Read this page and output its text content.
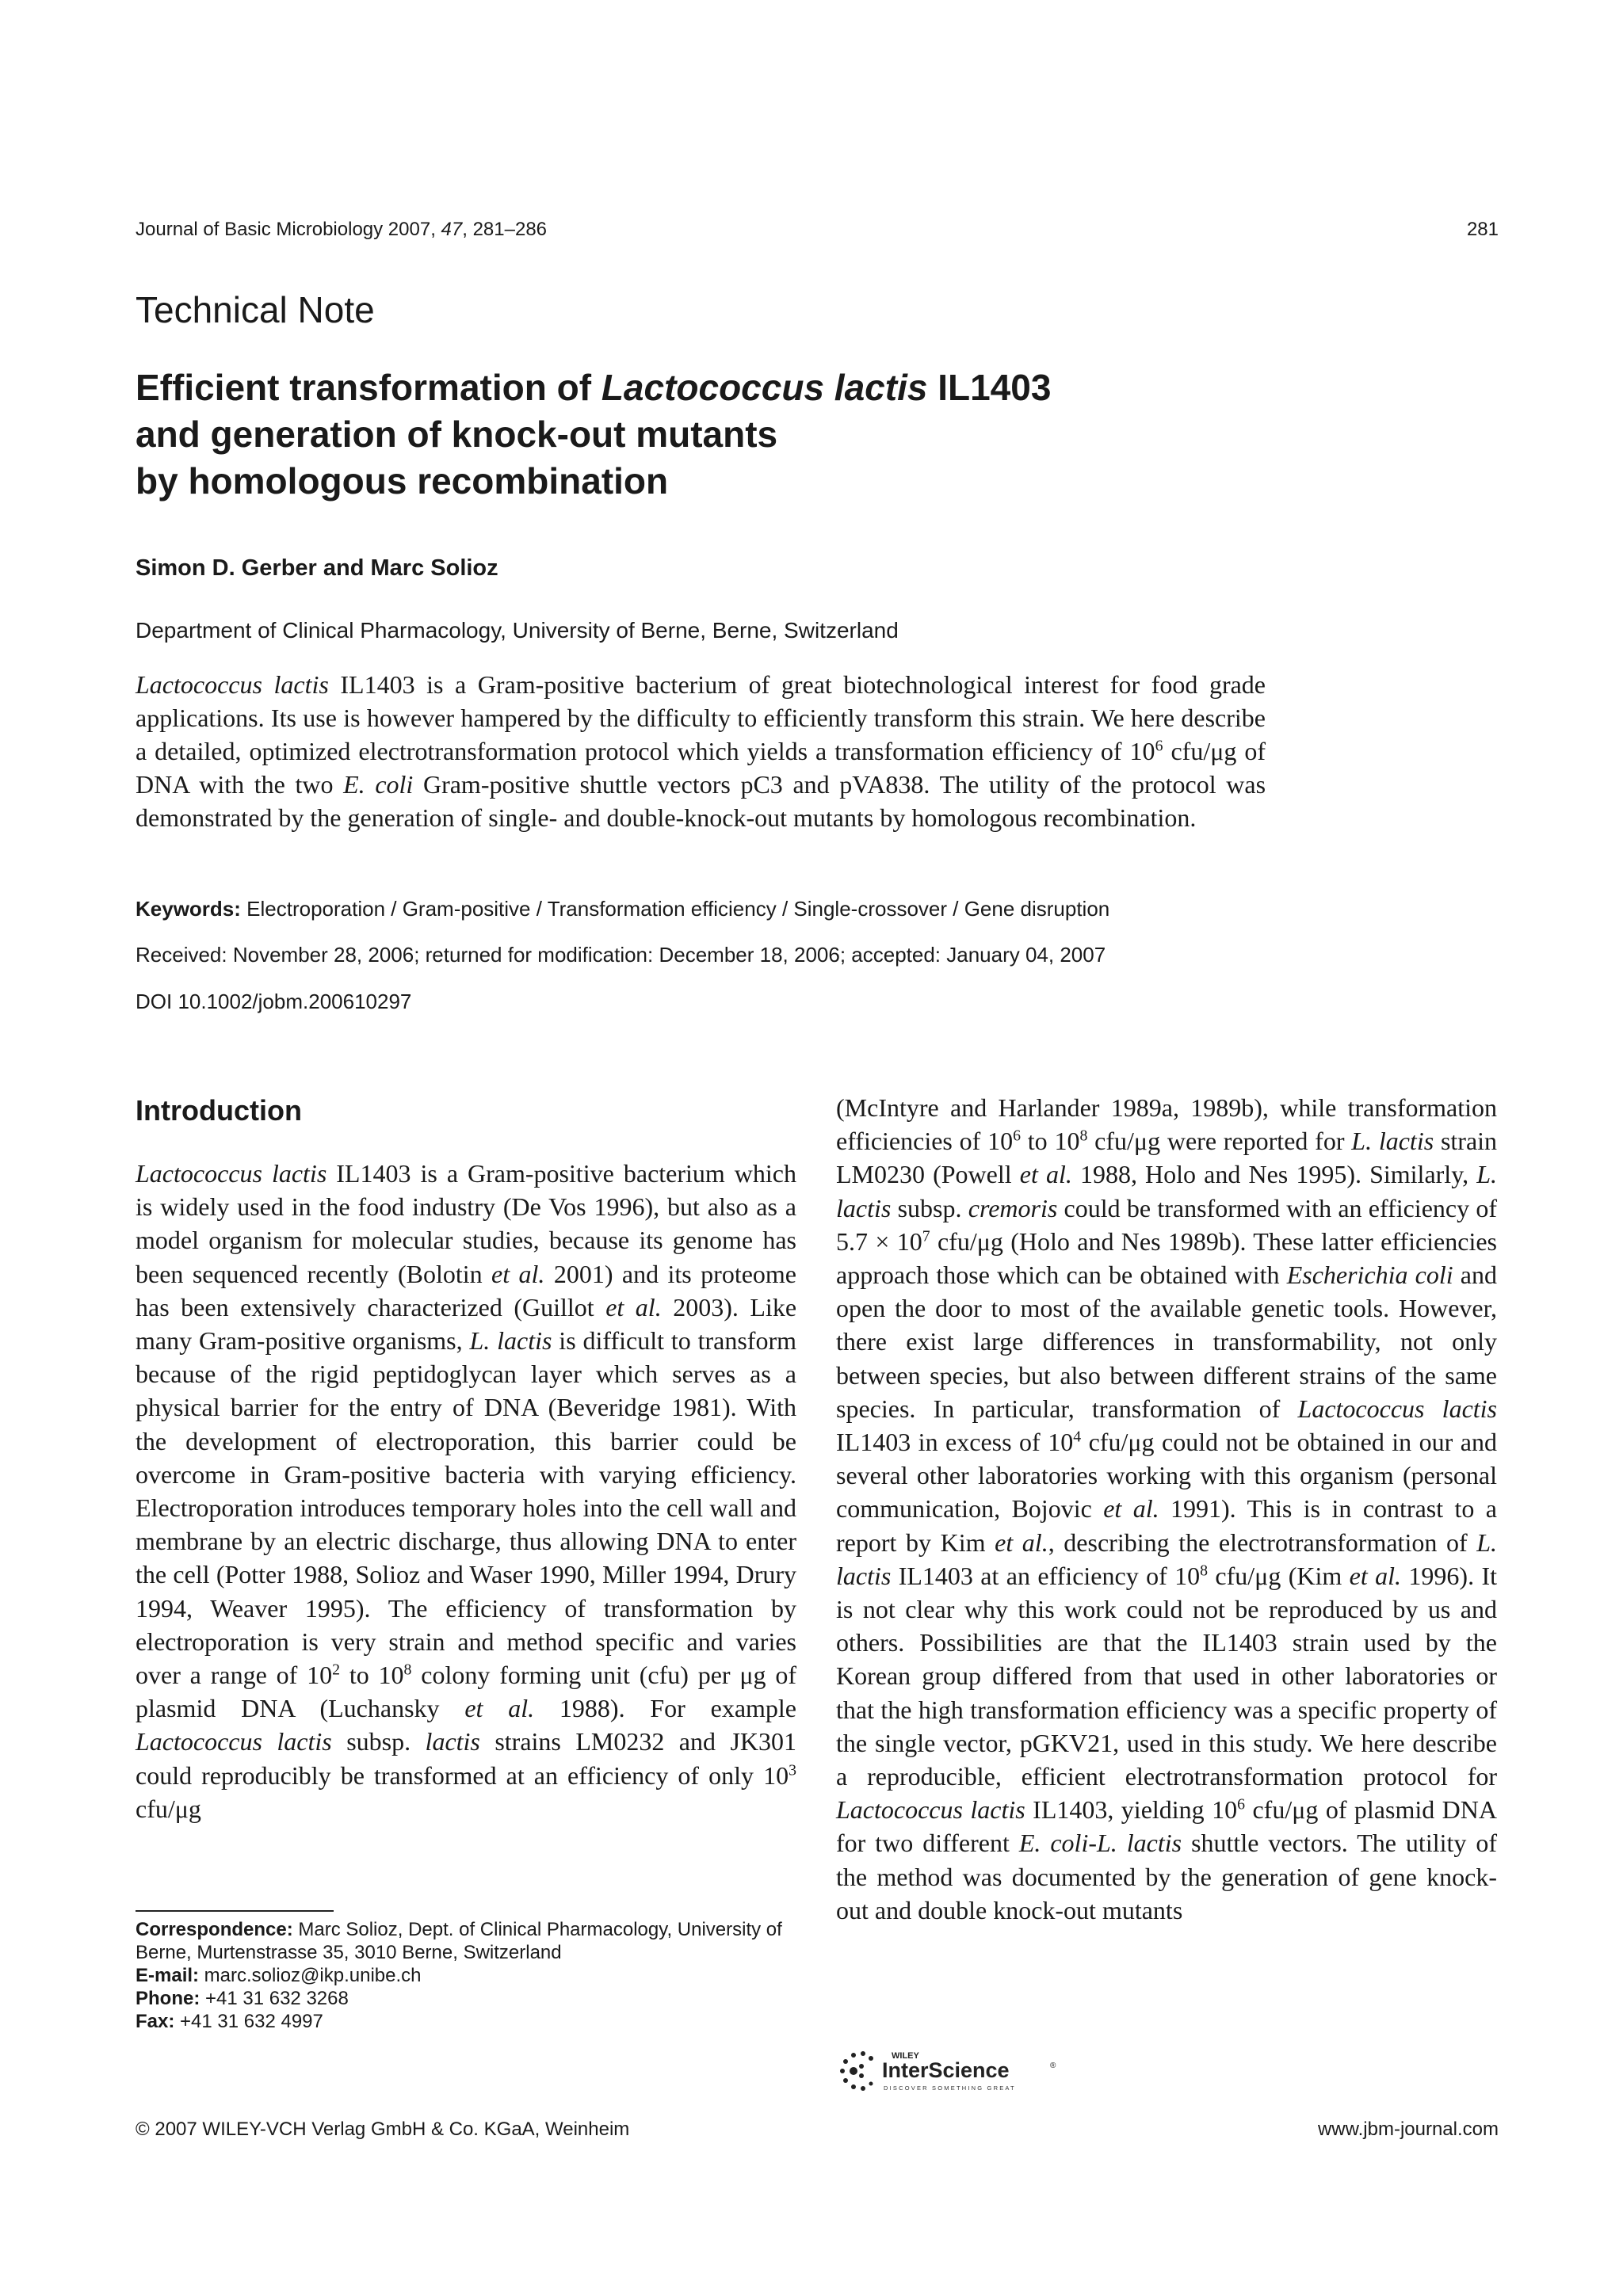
Journal of Basic Microbiology 2007, 47, 281–286	281
Technical Note
Efficient transformation of Lactococcus lactis IL1403
and generation of knock-out mutants
by homologous recombination
Simon D. Gerber and Marc Solioz
Department of Clinical Pharmacology, University of Berne, Berne, Switzerland

Lactococcus lactis IL1403 is a Gram-positive bacterium of great biotechnological interest for food grade applications. Its use is however hampered by the difficulty to efficiently transform this strain. We here describe a detailed, optimized electrotransformation protocol which yields a transformation efficiency of $10^6$ cfu/μg of DNA with the two E. coli Gram-positive shuttle vectors pC3 and pVA838. The utility of the protocol was demonstrated by the generation of single- and double-knock-out mutants by homologous recombination.

Keywords: Electroporation / Gram-positive / Transformation efficiency / Single-crossover / Gene disruption
Received: November 28, 2006; returned for modification: December 18, 2006; accepted: January 04, 2007
DOI 10.1002/jobm.200610297
Introduction

Lactococcus lactis IL1403 is a Gram-positive bacterium which is widely used in the food industry (De Vos 1996), but also as a model organism for molecular studies, because its genome has been sequenced recently (Bolotin et al. 2001) and its proteome has been extensively characterized (Guillot et al. 2003). Like many Gram-positive organisms, L. lactis is difficult to transform because of the rigid peptidoglycan layer which serves as a physical barrier for the entry of DNA (Beveridge 1981). With the development of electroporation, this barrier could be overcome in Gram-positive bacteria with varying efficiency. Electroporation introduces temporary holes into the cell wall and membrane by an electric discharge, thus allowing DNA to enter the cell (Potter 1988, Solioz and Waser 1990, Miller 1994, Drury 1994, Weaver 1995). The efficiency of transformation by electroporation is very strain and method specific and varies over a range of $10^2$ to $10^8$ colony forming unit (cfu) per μg of plasmid DNA (Luchansky et al. 1988). For example Lactococcus lactis subsp. lactis strains LM0232 and JK301 could reproducibly be transformed at an efficiency of only $10^3$ cfu/μg

(McIntyre and Harlander 1989a, 1989b), while transformation efficiencies of $10^6$ to $10^8$ cfu/μg were reported for L. lactis strain LM0230 (Powell et al. 1988, Holo and Nes 1995). Similarly, L. lactis subsp. cremoris could be transformed with an efficiency of $5.7 \times 10^7$ cfu/μg (Holo and Nes 1989b). These latter efficiencies approach those which can be obtained with Escherichia coli and open the door to most of the available genetic tools. However, there exist large differences in transformability, not only between species, but also between different strains of the same species. In particular, transformation of Lactococcus lactis IL1403 in excess of $10^4$ cfu/μg could not be obtained in our and several other laboratories working with this organism (personal communication, Bojovic et al. 1991). This is in contrast to a report by Kim et al., describing the electrotransformation of L. lactis IL1403 at an efficiency of $10^8$ cfu/μg (Kim et al. 1996). It is not clear why this work could not be reproduced by us and others. Possibilities are that the IL1403 strain used by the Korean group differed from that used in other laboratories or that the high transformation efficiency was a specific property of the single vector, pGKV21, used in this study. We here describe a reproducible, efficient electrotransformation protocol for Lactococcus lactis IL1403, yielding $10^6$ cfu/μg of plasmid DNA for two different E. coli-L. lactis shuttle vectors. The utility of the method was documented by the generation of gene knock-out and double knock-out mutants

Correspondence: Marc Solioz, Dept. of Clinical Pharmacology, University of Berne, Murtenstrasse 35, 3010 Berne, Switzerland
E-mail: marc.solioz@ikp.unibe.ch
Phone: +41 31 632 3268
Fax: +41 31 632 4997
WILEY
InterScience	®
DISCOVER SOMETHING GREAT
© 2007 WILEY-VCH Verlag GmbH & Co. KGaA, Weinheim	www.jbm-journal.com
